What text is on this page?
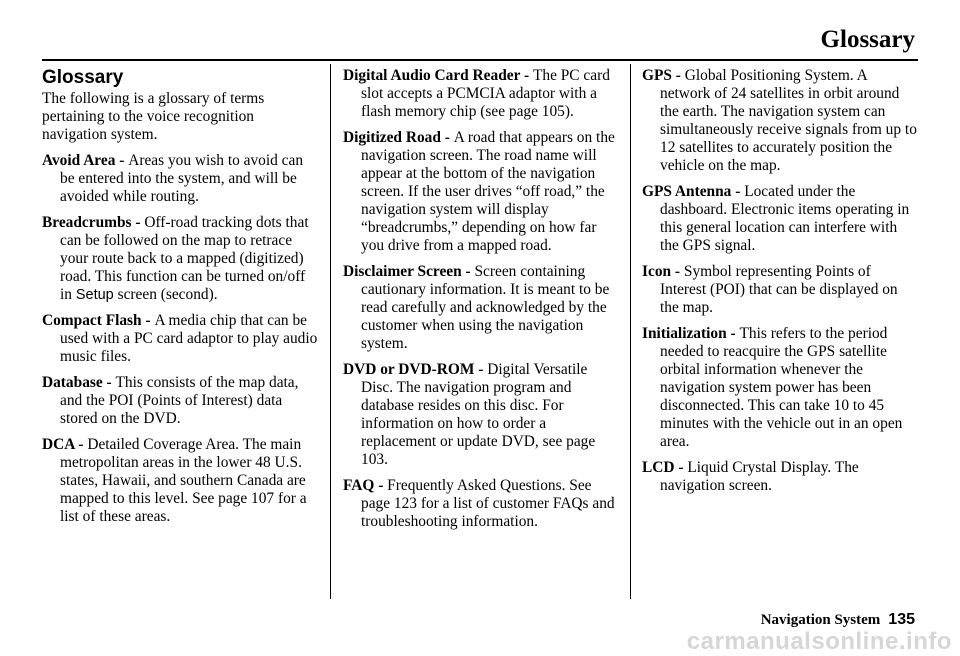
Glossary
Glossary

The following is a glossary of terms pertaining to the voice recognition navigation system.

Avoid Area - Areas you wish to avoid can be entered into the system, and will be avoided while routing.

Breadcrumbs - Off-road tracking dots that can be followed on the map to retrace your route back to a mapped (digitized) road. This function can be turned on/off in Setup screen (second).

Compact Flash - A media chip that can be used with a PC card adaptor to play audio music files.

Database - This consists of the map data, and the POI (Points of Interest) data stored on the DVD.

DCA - Detailed Coverage Area. The main metropolitan areas in the lower 48 U.S. states, Hawaii, and southern Canada are mapped to this level. See page 107 for a list of these areas.

Digital Audio Card Reader - The PC card slot accepts a PCMCIA adaptor with a flash memory chip (see page 105).

Digitized Road - A road that appears on the navigation screen. The road name will appear at the bottom of the navigation screen. If the user drives “off road,” the navigation system will display “breadcrumbs,” depending on how far you drive from a mapped road.

Disclaimer Screen - Screen containing cautionary information. It is meant to be read carefully and acknowledged by the customer when using the navigation system.

DVD or DVD-ROM - Digital Versatile Disc. The navigation program and database resides on this disc. For information on how to order a replacement or update DVD, see page 103.

FAQ - Frequently Asked Questions. See page 123 for a list of customer FAQs and troubleshooting information.

GPS - Global Positioning System. A network of 24 satellites in orbit around the earth. The navigation system can simultaneously receive signals from up to 12 satellites to accurately position the vehicle on the map.

GPS Antenna - Located under the dashboard. Electronic items operating in this general location can interfere with the GPS signal.

Icon - Symbol representing Points of Interest (POI) that can be displayed on the map.

Initialization - This refers to the period needed to reacquire the GPS satellite orbital information whenever the navigation system power has been disconnected. This can take 10 to 45 minutes with the vehicle out in an open area.

LCD - Liquid Crystal Display. The navigation screen.

Navigation System 135
carmanualsonline.info
